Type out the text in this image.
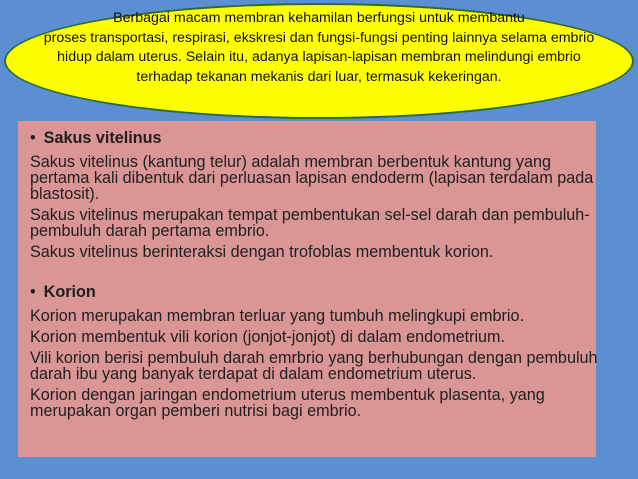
Berbagai macam membran kehamilan berfungsi untuk membantu
proses transportasi, respirasi, ekskresi dan fungsi-fungsi penting lainnya selama embrio
hidup dalam uterus. Selain itu, adanya lapisan-lapisan membran melindungi embrio
terhadap tekanan mekanis dari luar, termasuk kekeringan.
• Sakus vitelinus
Sakus vitelinus (kantung telur) adalah membran berbentuk kantung yang pertama kali dibentuk dari perluasan lapisan endoderm (lapisan terdalam pada blastosit).
Sakus vitelinus merupakan tempat pembentukan sel-sel darah dan pembuluh-pembuluh darah pertama embrio.
Sakus vitelinus berinteraksi dengan trofoblas membentuk korion.
• Korion
Korion merupakan membran terluar yang tumbuh melingkupi embrio.
Korion membentuk vili korion (jonjot-jonjot) di dalam endometrium.
Vili korion berisi pembuluh darah emrbrio yang berhubungan dengan pembuluh darah ibu yang banyak terdapat di dalam endometrium uterus.
Korion dengan jaringan endometrium uterus membentuk plasenta, yang merupakan organ pemberi nutrisi bagi embrio.
